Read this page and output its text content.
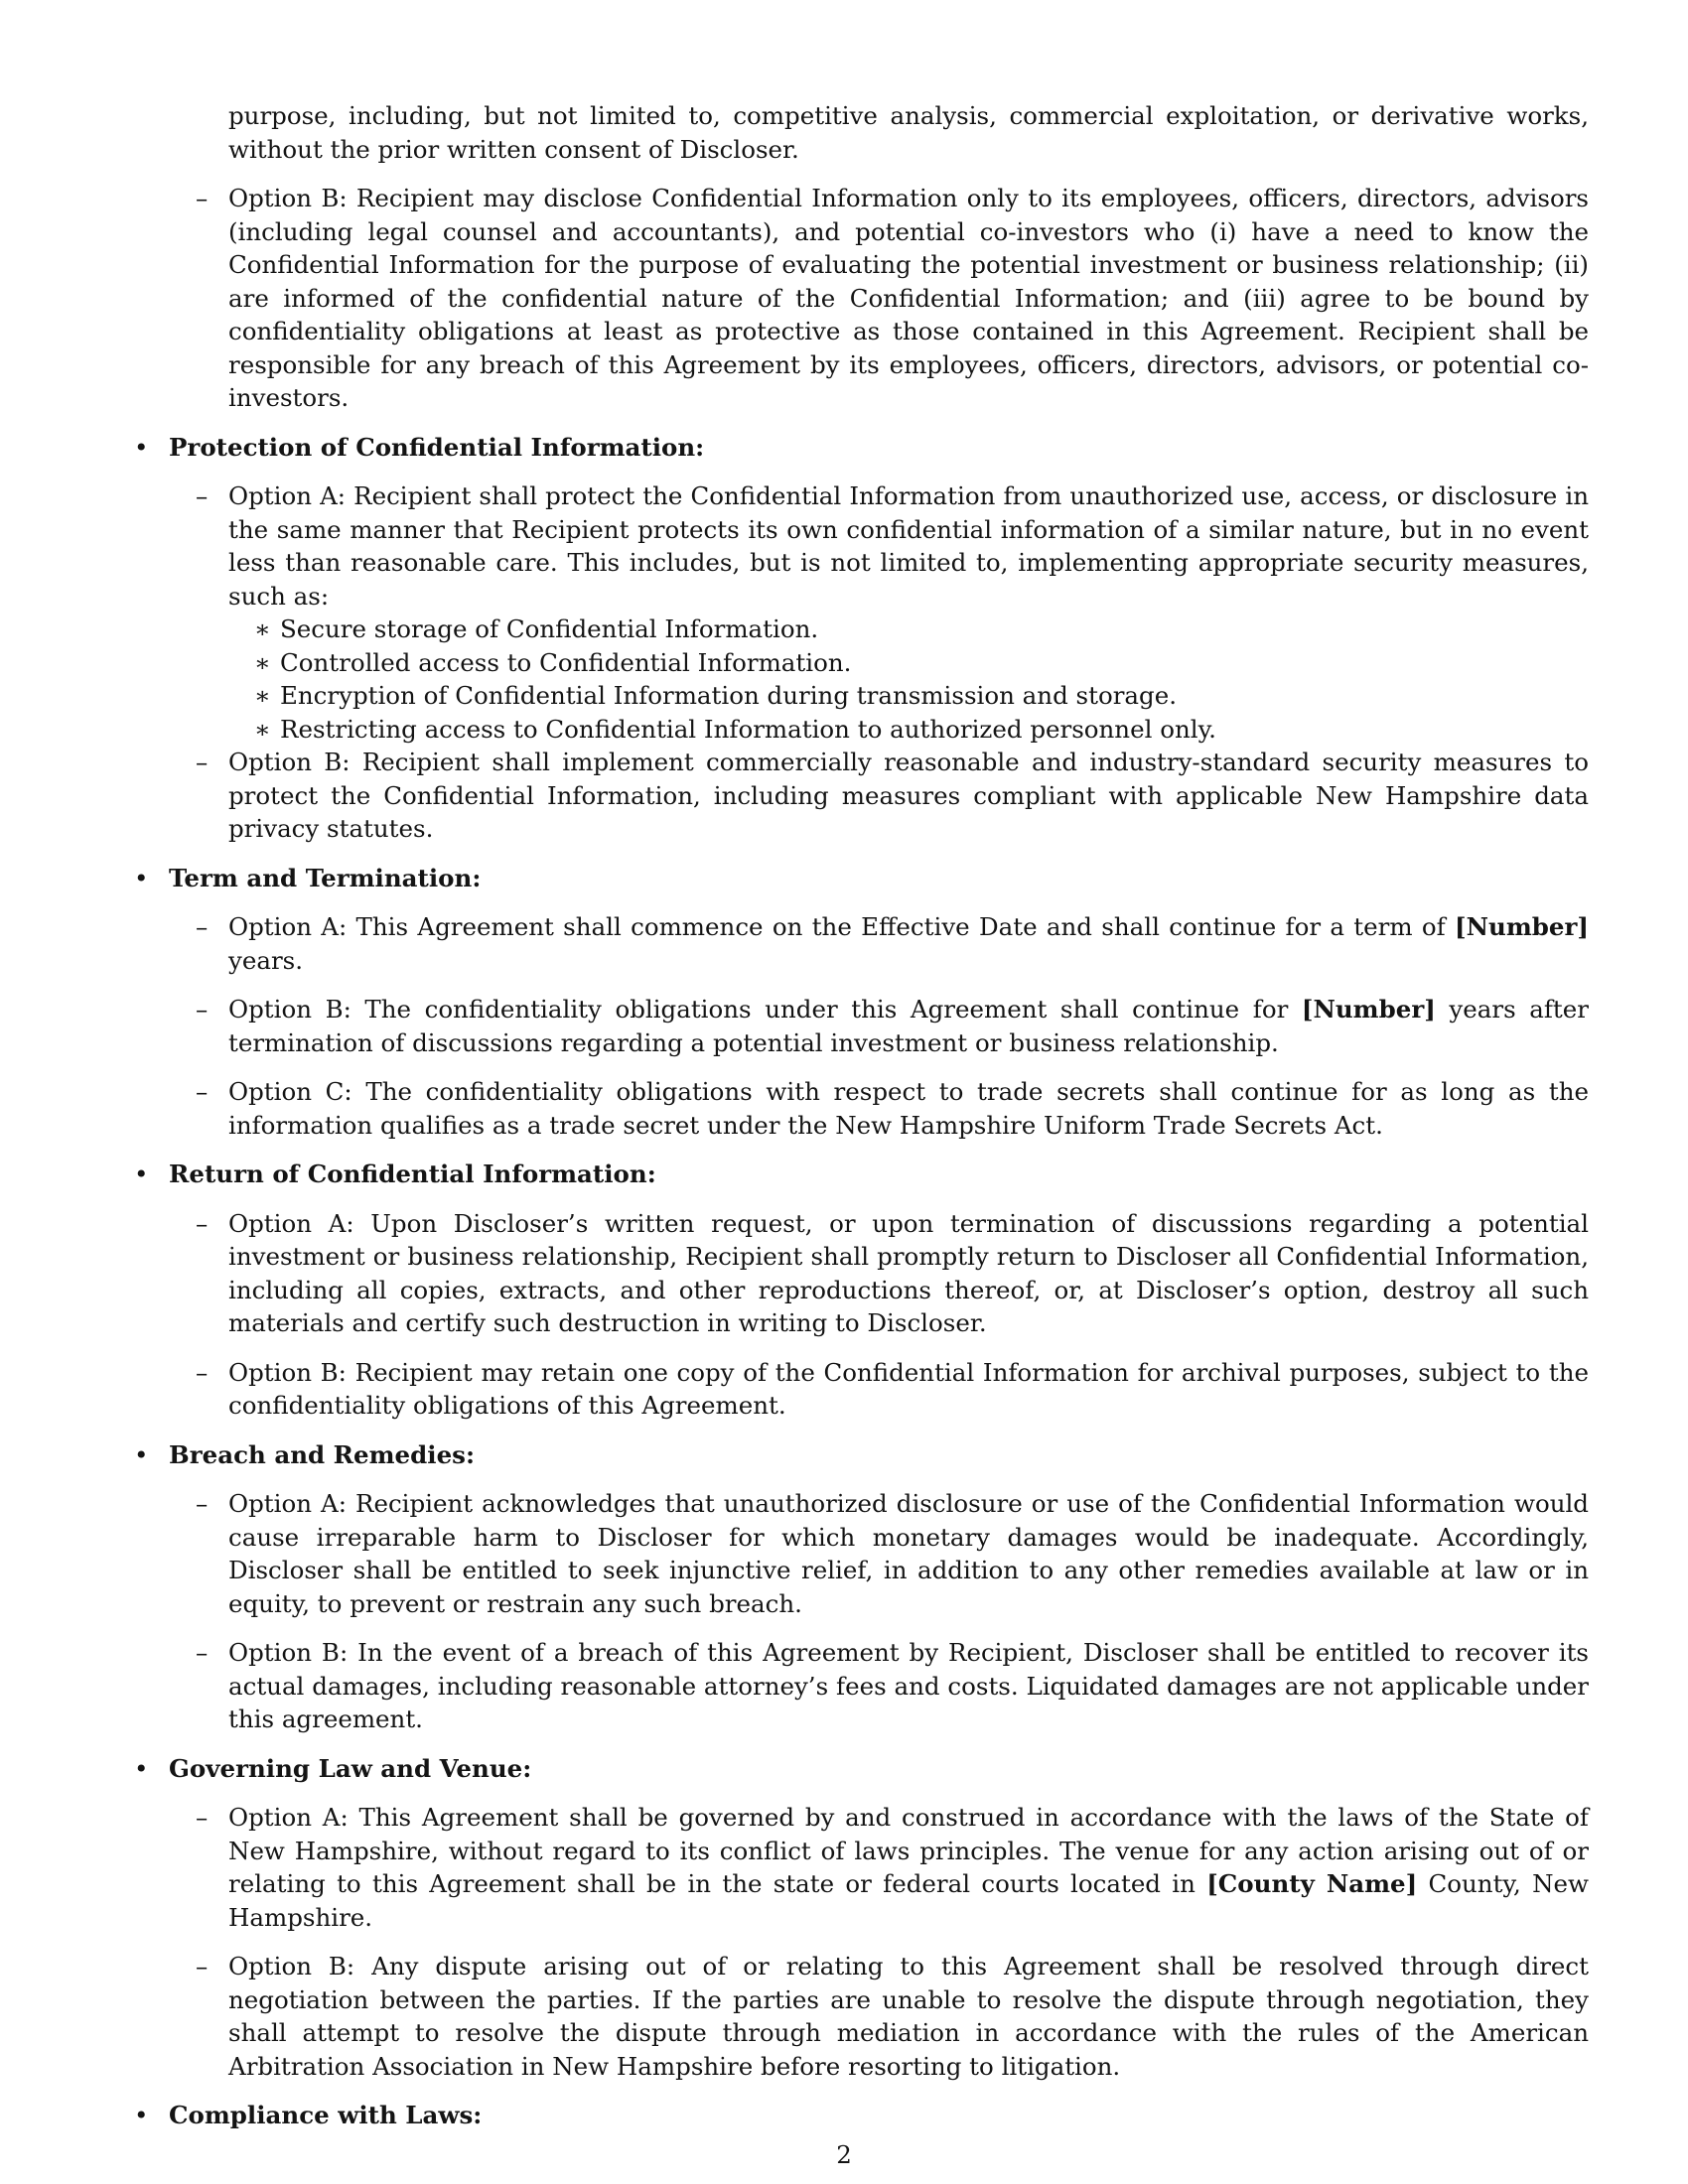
purpose, including, but not limited to, competitive analysis, commercial exploitation, or derivative works, without the prior written consent of Discloser.

– Option B: Recipient may disclose Confidential Information only to its employees, officers, directors, advisors (including legal counsel and accountants), and potential co-investors who (i) have a need to know the Confidential Information for the purpose of evaluating the potential investment or business relationship; (ii) are informed of the confidential nature of the Confidential Information; and (iii) agree to be bound by confidentiality obligations at least as protective as those contained in this Agreement. Recipient shall be responsible for any breach of this Agreement by its employees, officers, directors, advisors, or potential co-investors.

• Protection of Confidential Information:
– Option A: Recipient shall protect the Confidential Information from unauthorized use, access, or disclosure in the same manner that Recipient protects its own confidential information of a similar nature, but in no event less than reasonable care. This includes, but is not limited to, implementing appropriate security measures, such as:

∗ Secure storage of Confidential Information.
∗ Controlled access to Confidential Information.
∗ Encryption of Confidential Information during transmission and storage.
∗ Restricting access to Confidential Information to authorized personnel only.
– Option B: Recipient shall implement commercially reasonable and industry-standard security measures to protect the Confidential Information, including measures compliant with applicable New Hampshire data privacy statutes.

• Term and Termination:
– Option A: This Agreement shall commence on the Effective Date and shall continue for a term of [Number] years.

– Option B: The confidentiality obligations under this Agreement shall continue for [Number] years after termination of discussions regarding a potential investment or business relationship.

– Option C: The confidentiality obligations with respect to trade secrets shall continue for as long as the information qualifies as a trade secret under the New Hampshire Uniform Trade Secrets Act.

• Return of Confidential Information:
– Option A: Upon Discloser’s written request, or upon termination of discussions regarding a potential investment or business relationship, Recipient shall promptly return to Discloser all Confidential Information, including all copies, extracts, and other reproductions thereof, or, at Discloser’s option, destroy all such materials and certify such destruction in writing to Discloser.

– Option B: Recipient may retain one copy of the Confidential Information for archival purposes, subject to the confidentiality obligations of this Agreement.

• Breach and Remedies:
– Option A: Recipient acknowledges that unauthorized disclosure or use of the Confidential Information would cause irreparable harm to Discloser for which monetary damages would be inadequate. Accordingly, Discloser shall be entitled to seek injunctive relief, in addition to any other remedies available at law or in equity, to prevent or restrain any such breach.

– Option B: In the event of a breach of this Agreement by Recipient, Discloser shall be entitled to recover its actual damages, including reasonable attorney’s fees and costs. Liquidated damages are not applicable under this agreement.

• Governing Law and Venue:
– Option A: This Agreement shall be governed by and construed in accordance with the laws of the State of New Hampshire, without regard to its conflict of laws principles. The venue for any action arising out of or relating to this Agreement shall be in the state or federal courts located in [County Name] County, New Hampshire.

– Option B: Any dispute arising out of or relating to this Agreement shall be resolved through direct negotiation between the parties. If the parties are unable to resolve the dispute through negotiation, they shall attempt to resolve the dispute through mediation in accordance with the rules of the American Arbitration Association in New Hampshire before resorting to litigation.

• Compliance with Laws:
2
